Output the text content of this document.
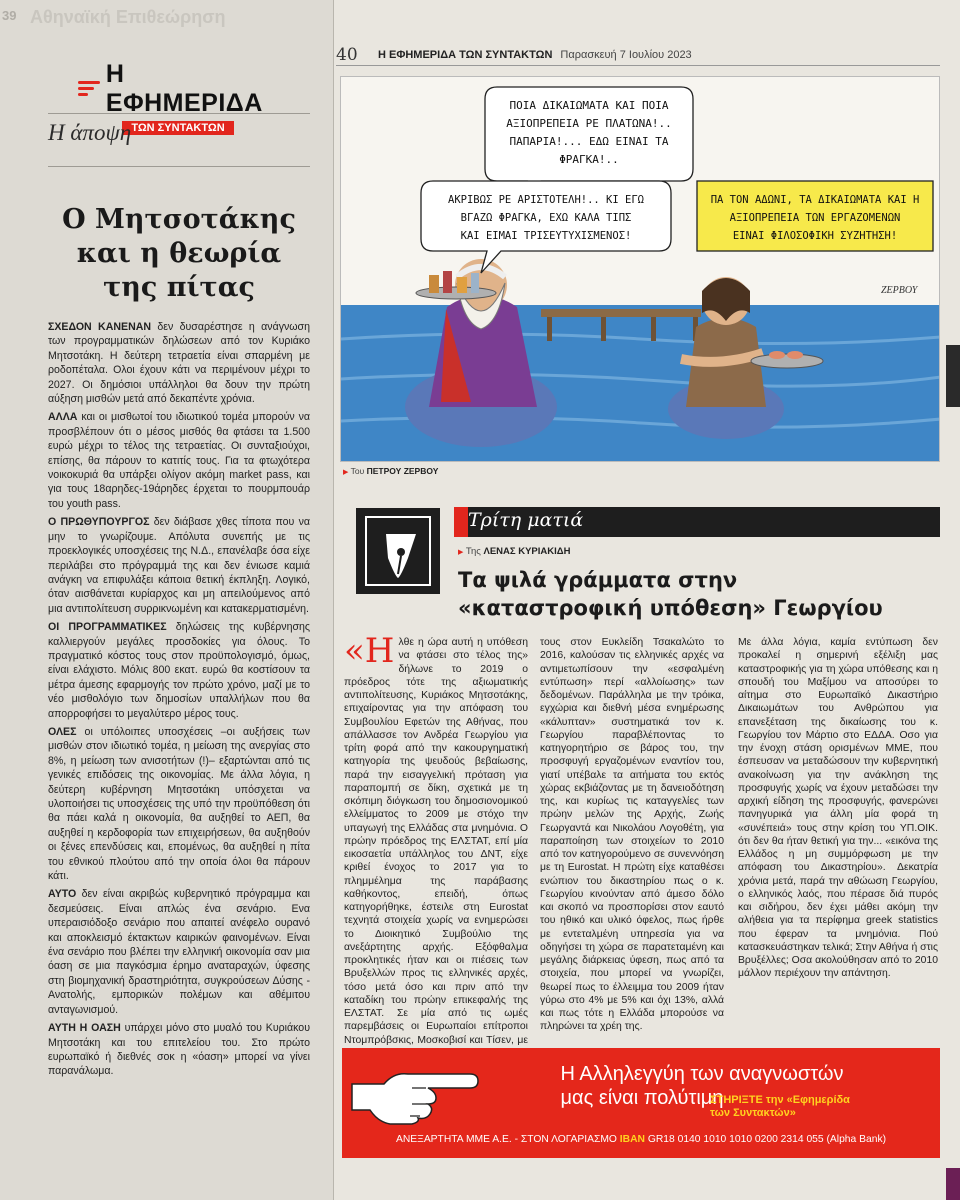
39 Αθηναϊκή Επιθεώρηση
Η ΕΦΗΜΕΡΙΔΑ
ΤΩΝ ΣΥΝΤΑΚΤΩΝ
Η άποψη
Ο Μητσοτάκης
και η θεωρία
της πίτας

ΣΧΕΔΟΝ ΚΑΝΕΝΑΝ δεν δυσαρέστησε η ανάγνωση των προγραμματικών δηλώσεων από τον Κυριάκο Μητσοτάκη. Η δεύτερη τετραετία είναι σπαρμένη με ροδοπέταλα. Ολοι έχουν κάτι να περιμένουν μέχρι το 2027. Οι δημόσιοι υπάλληλοι θα δουν την πρώτη αύξηση μισθών μετά από δεκαπέντε χρόνια.

ΑΛΛΑ και οι μισθωτοί του ιδιωτικού τομέα μπορούν να προσβλέπουν ότι ο μέσος μισθός θα φτάσει τα 1.500 ευρώ μέχρι το τέλος της τετραετίας. Οι συνταξιούχοι, επίσης, θα πάρουν το κατιτίς τους. Για τα φτωχότερα νοικοκυριά θα υπάρξει ολίγον ακόμη market pass, και για τους 18αρηδες-19άρηδες έρχεται το πουρμπουάρ του youth pass.

Ο ΠΡΩΘΥΠΟΥΡΓΟΣ δεν διάβασε χθες τίποτα που να μην το γνωρίζουμε. Απόλυτα συνεπής με τις προεκλογικές υποσχέσεις της Ν.Δ., επανέλαβε όσα είχε περιλάβει στο πρόγραμμά της και δεν ένιωσε καμιά ανάγκη να επιφυλάξει κάποια θετική έκπληξη. Λογικό, όταν αισθάνεται κυρίαρχος και μη απειλούμενος από μια αντιπολίτευση συρρικνωμένη και κατακερματισμένη.

ΟΙ ΠΡΟΓΡΑΜΜΑΤΙΚΕΣ δηλώσεις της κυβέρνησης καλλιεργούν μεγάλες προσδοκίες για όλους. Το πραγματικό κόστος τους στον προϋπολογισμό, όμως, είναι ελάχιστο. Μόλις 800 εκατ. ευρώ θα κοστίσουν τα μέτρα άμεσης εφαρμογής τον πρώτο χρόνο, μαζί με το νέο μισθολόγιο των δημοσίων υπαλλήλων που θα απορροφήσει το μεγαλύτερο μέρος τους.

ΟΛΕΣ οι υπόλοιπες υποσχέσεις –οι αυξήσεις των μισθών στον ιδιωτικό τομέα, η μείωση της ανεργίας στο 8%, η μείωση των ανισοτήτων (!)– εξαρτώνται από τις γενικές επιδόσεις της οικονομίας. Με άλλα λόγια, η δεύτερη κυβέρνηση Μητσοτάκη υπόσχεται να υλοποιήσει τις υποσχέσεις της υπό την προϋπόθεση ότι θα πάει καλά η οικονομία, θα αυξηθεί το ΑΕΠ, θα αυξηθεί η κερδοφορία των επιχειρήσεων, θα αυξηθούν οι ξένες επενδύσεις και, επομένως, θα αυξηθεί η πίτα του εθνικού πλούτου από την οποία όλοι θα πάρουν κάτι.

ΑΥΤΟ δεν είναι ακριβώς κυβερνητικό πρόγραμμα και δεσμεύσεις. Είναι απλώς ένα σενάριο. Ενα υπεραισιόδοξο σενάριο που απαιτεί ανέφελο ουρανό και αποκλεισμό έκτακτων καιρικών φαινομένων. Είναι ένα σενάριο που βλέπει την ελληνική οικονομία σαν μια όαση σε μια παγκόσμια έρημο αναταραχών, ύφεσης στη βιομηχανική δραστηριότητα, συγκρούσεων Δύσης - Ανατολής, εμπορικών πολέμων και αθέμιτου ανταγωνισμού.

ΑΥΤΗ Η ΟΑΣΗ υπάρχει μόνο στο μυαλό του Κυριάκου Μητσοτάκη και του επιτελείου του. Στο πρώτο ευρωπαϊκό ή διεθνές σοκ η «όαση» μπορεί να γίνει παρανάλωμα.

40	Η ΕΦΗΜΕΡΙΔΑ ΤΩΝ ΣΥΝΤΑΚΤΩΝ Παρασκευή 7 Ιουλίου 2023
ΠΟΙΑ ΔΙΚΑΙΩΜΑΤΑ ΚΑΙ ΠΟΙΑ
ΑΞΙΟΠΡΕΠΕΙΑ ΡΕ ΠΛΑΤΩΝΑ!..
ΠΑΠΑΡΙΑ!... ΕΔΩ ΕΙΝΑΙ ΤΑ
ΦΡΑΓΚΑ!..
ΑΚΡΙΒΩΣ ΡΕ ΑΡΙΣΤΟΤΕΛΗ!.. ΚΙ ΕΓΩ
ΒΓΑΖΩ ΦΡΑΓΚΑ, ΕΧΩ ΚΑΛΑ ΤΙΠΣ
ΚΑΙ ΕΙΜΑΙ ΤΡΙΣΕΥΤΥΧΙΣΜΕΝΟΣ!
ΠΑ ΤΟΝ ΑΔΩΝΙ, ΤΑ ΔΙΚΑΙΩΜΑΤΑ ΚΑΙ Η
ΑΞΙΟΠΡΕΠΕΙΑ ΤΩΝ ΕΡΓΑΖΟΜΕΝΩΝ
ΕΙΝΑΙ ΦΙΛΟΣΟΦΙΚΗ ΣΥΖΗΤΗΣΗ!
ΖΕΡΒΟΥ
▶ Του ΠΕΤΡΟΥ ΖΕΡΒΟΥ
Τρίτη ματιά
▶ Της ΛΕΝΑΣ ΚΥΡΙΑΚΙΔΗ
Τα ψιλά γράμματα στην
«καταστροφική υπόθεση» Γεωργίου
«Ηλθε η ώρα αυτή η υπόθεση να φτάσει στο τέλος της» δήλωνε το 2019 ο πρόεδρος τότε της αξιωματικής αντιπολίτευσης, Κυριάκος Μητσοτάκης, επιχαίροντας για την απόφαση του Συμβουλίου Εφετών της Αθήνας, που απάλλασσε τον Ανδρέα Γεωργίου για τρίτη φορά από την κακουργηματική κατηγορία της ψευδούς βεβαίωσης, παρά την εισαγγελική πρόταση για παραπομπή σε δίκη, σχετικά με τη σκόπιμη διόγκωση του δημοσιονομικού ελλείμματος το 2009 με στόχο την υπαγωγή της Ελλάδας στα μνημόνια. Ο πρώην πρόεδρος της ΕΛΣΤΑΤ, επί μία εικοσαετία υπάλληλος του ΔΝΤ, είχε κριθεί ένοχος το 2017 για το πλημμέλημα της παράβασης καθήκοντος, επειδή, όπως κατηγορήθηκε, έστειλε στη Eurostat τεχνητά στοιχεία χωρίς να ενημερώσει το Διοικητικό Συμβούλιο της ανεξάρτητης αρχής. Εξόφθαλμα προκλητικές ήταν και οι πιέσεις των Βρυξελλών προς τις ελληνικές αρχές, τόσο μετά όσο και πριν από την καταδίκη του πρώην επικεφαλής της ΕΛΣΤΑΤ. Σε μία από τις ωμές παρεμβάσεις οι Ευρωπαίοι επίτροποι Ντομπρόβσκις, Μοσκοβισί και Τίσεν, με
τους στον Ευκλείδη Τσακαλώτο το 2016, καλούσαν τις ελληνικές αρχές να αντιμετωπίσουν την «εσφαλμένη εντύπωση» περί «αλλοίωσης» των δεδομένων. Παράλληλα με την τρόικα, εγχώρια και διεθνή μέσα ενημέρωσης «κάλυπταν» συστηματικά τον κ. Γεωργίου παραβλέποντας το κατηγορητήριο σε βάρος του, την προσφυγή εργαζομένων εναντίον του, γιατί υπέβαλε τα αιτήματα του εκτός χώρας εκβιάζοντας με τη δανειοδότηση της, και κυρίως τις καταγγελίες των πρώην μελών της Αρχής, Ζωής Γεωργαντά και Νικολάου Λογοθέτη, για παραποίηση των στοιχείων το 2010 από τον κατηγορούμενο σε συνεννόηση με τη Eurostat. Η πρώτη είχε καταθέσει ενώπιον του δικαστηρίου πως ο κ. Γεωργίου κινούνταν από άμεσο δόλο και σκοπό να προσπορίσει στον εαυτό του ηθικό και υλικό όφελος, πως ήρθε με εντεταλμένη υπηρεσία για να οδηγήσει τη χώρα σε παρατεταμένη και μεγάλης διάρκειας ύφεση, πως από τα στοιχεία, που μπορεί να γνωρίζει, θεωρεί πως το έλλειμμα του 2009 ήταν γύρω στο 4% με 5% και όχι 13%, αλλά και πως τότε η Ελλάδα μπορούσε να πληρώνει τα χρέη της.
Με άλλα λόγια, καμία εντύπωση δεν προκαλεί η σημερινή εξέλιξη μας καταστροφικής για τη χώρα υπόθεσης και η σπουδή του Μαξίμου να αποσύρει το αίτημα στο Ευρωπαϊκό Δικαστήριο Δικαιωμάτων του Ανθρώπου για επανεξέταση της δικαίωσης του κ. Γεωργίου τον Μάρτιο στο ΕΔΔΑ. Οσο για την ένοχη στάση ορισμένων ΜΜΕ, που έσπευσαν να μεταδώσουν την κυβερνητική ανακοίνωση για την ανάκληση της προσφυγής χωρίς να έχουν μεταδώσει την αρχική είδηση της προσφυγής, φανερώνει πανηγυρικά για άλλη μία φορά τη «συνέπειά» τους στην κρίση του ΥΠ.ΟΙΚ. ότι δεν θα ήταν θετική για την... «εικόνα της Ελλάδος η μη συμμόρφωση με την απόφαση του Δικαστηρίου». Δεκατρία χρόνια μετά, παρά την αθώωση Γεωργίου, ο ελληνικός λαός, που πέρασε διά πυρός και σιδήρου, δεν έχει μάθει ακόμη την αλήθεια για τα περίφημα greek statistics που έφεραν τα μνημόνια. Πού κατασκευάστηκαν τελικά; Στην Αθήνα ή στις Βρυξέλλες; Οσα ακολούθησαν από το 2010 μάλλον περιέχουν την απάντηση.
Η Αλληλεγγύη των αναγνωστών
μας είναι πολύτιμη
ΣΤΗΡΙΞΤΕ την «Εφημερίδα
των Συντακτών»
ΑΝΕΞΑΡΤΗΤΑ ΜΜΕ Α.Ε. - ΣΤΟΝ ΛΟΓΑΡΙΑΣΜΟ IBAN GR18 0140 1010 1010 0200 2314 055 (Alpha Bank)
